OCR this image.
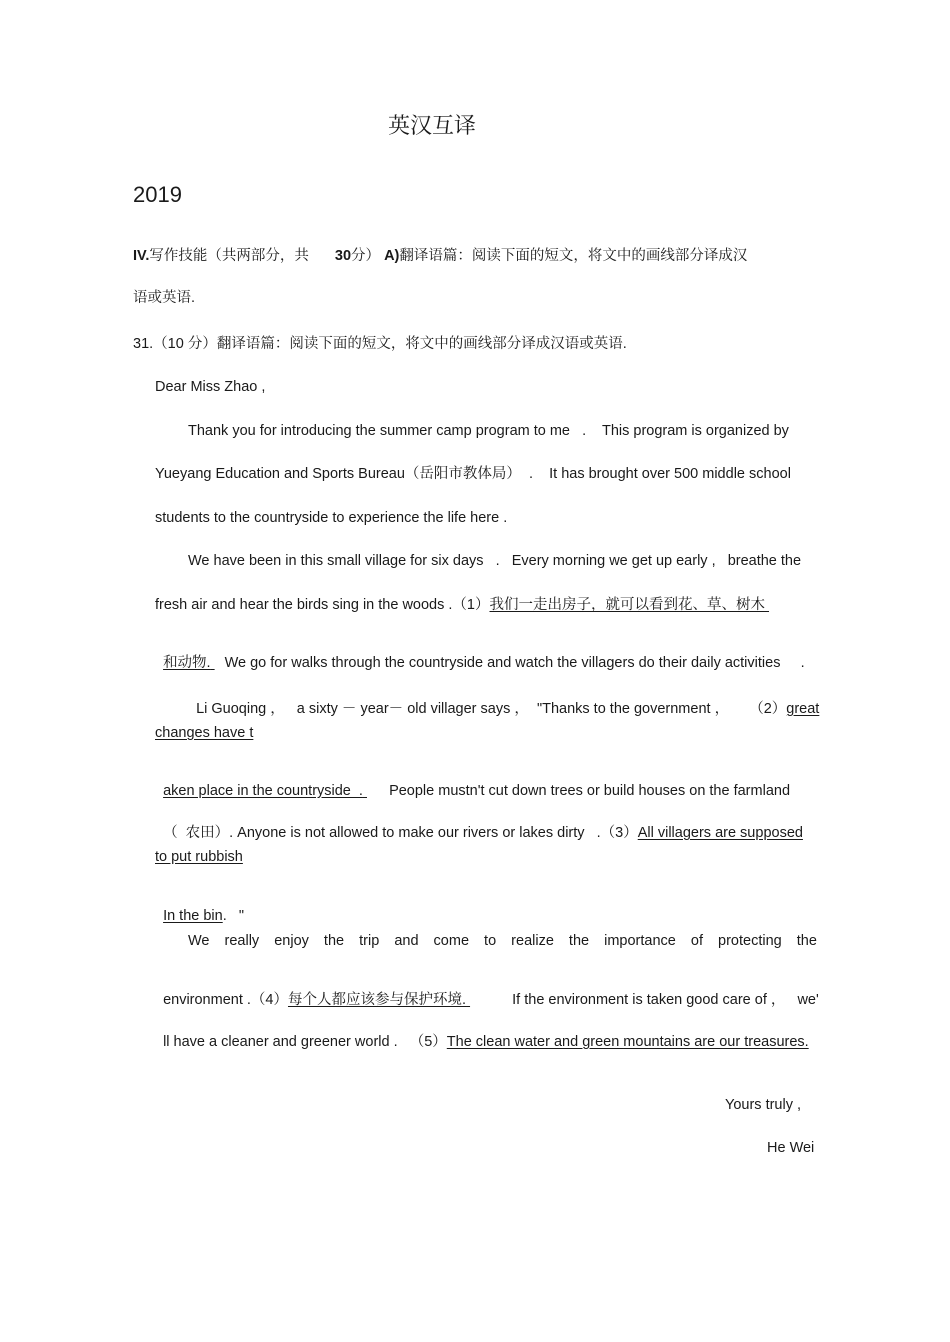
英汉互译
2019
IV.写作技能（共两部分，共 30分） A)翻译语篇：阅读下面的短文，将文中的画线部分译成汉
语或英语.
31.（10 分）翻译语篇：阅读下面的短文，将文中的画线部分译成汉语或英语.
Dear Miss Zhao ,
Thank you for introducing the summer camp program to me   .    This program is organized by
Yueyang Education and Sports Bureau（岳阳市教体局）  .    It has brought over 500 middle school
students to the countryside to experience the life here .
We have been in this small village for six days   .   Every morning we get up early ,   breathe the
fresh air and hear the birds sing in the woods .（1）我们一走出房子，就可以看到花、草、树木

和动物. We go for walks through the countryside and watch the villagers do their daily activities     .

Li Guoqing ，   a sixty － year－ old villager says ，  "Thanks to the government ，     （2）great

changes have t

aken place in the countryside  . People mustn't cut down trees or build houses on the farmland

（  农田）. Anyone is not allowed to make our rivers or lakes dirty   .（3）All villagers are supposed

to put rubbish

In the bin.   "

We really enjoy the trip and come to realize the importance of protecting the

environment .（4）每个人都应该参与保护环境.	If the environment is taken good care of ，   we'

ll have a cleaner and greener world .   （5）The clean water and green mountains are our treasures.

Yours truly ,
He Wei
